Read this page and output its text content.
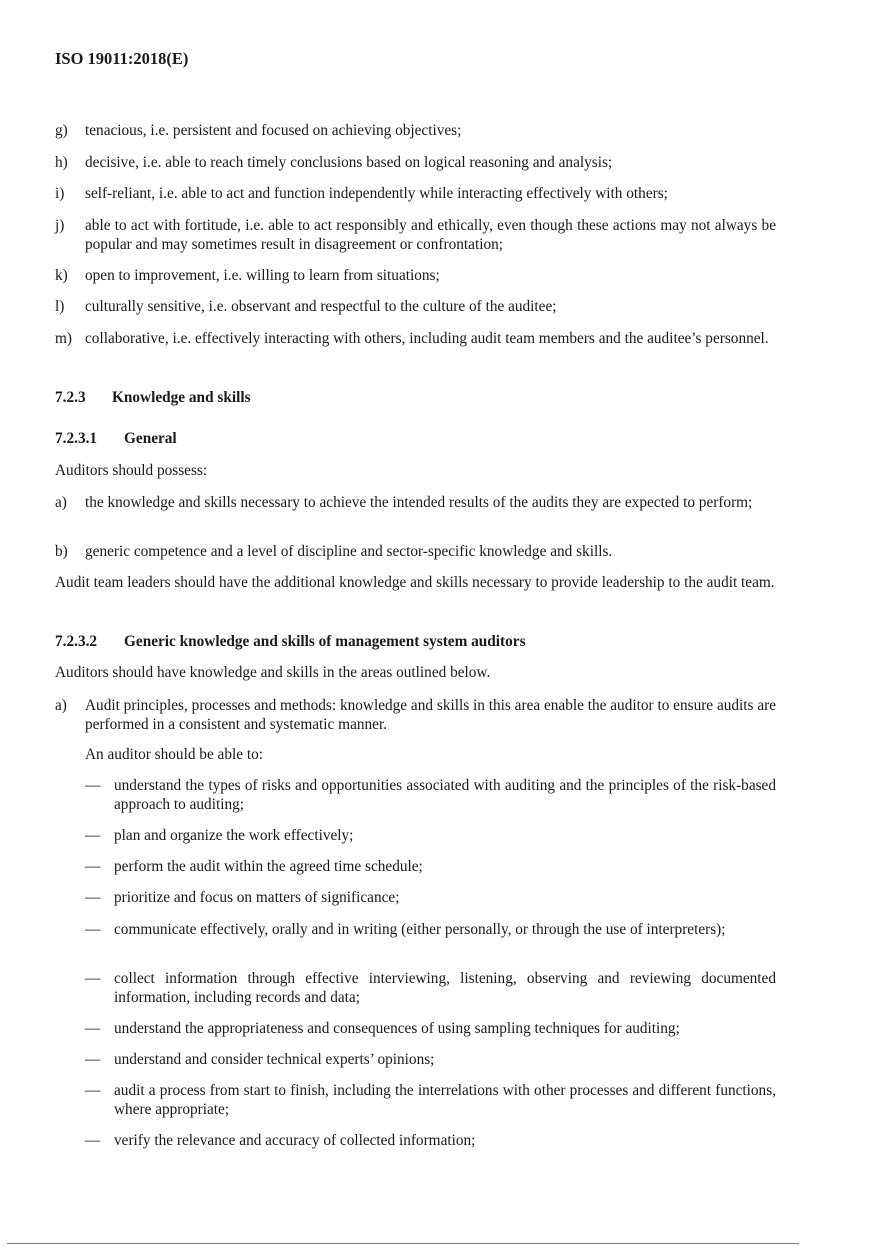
ISO 19011:2018(E)
7.2.3	Knowledge and skills
7.2.3.1	General
Auditors should possess:
Audit team leaders should have the additional knowledge and skills necessary to provide leadership to the audit team.
7.2.3.2	Generic knowledge and skills of management system auditors
Auditors should have knowledge and skills in the areas outlined below.
An auditor should be able to:
g)	tenacious, i.e. persistent and focused on achieving objectives;
h)	decisive, i.e. able to reach timely conclusions based on logical reasoning and analysis;
i)	self-reliant, i.e. able to act and function independently while interacting effectively with others;
j)	able to act with fortitude, i.e. able to act responsibly and ethically, even though these actions may not always be popular and may sometimes result in disagreement or confrontation;
k)	open to improvement, i.e. willing to learn from situations;
l)	culturally sensitive, i.e. observant and respectful to the culture of the auditee;
m) collaborative, i.e. effectively interacting with others, including audit team members and the auditee’s personnel.
a)	the knowledge and skills necessary to achieve the intended results of the audits they are expected to perform;
b)	generic competence and a level of discipline and sector-specific knowledge and skills.
a)	Audit principles, processes and methods: knowledge and skills in this area enable the auditor to ensure audits are performed in a consistent and systematic manner.
— understand the types of risks and opportunities associated with auditing and the principles of the risk-based approach to auditing;
— plan and organize the work effectively;
— perform the audit within the agreed time schedule;
— prioritize and focus on matters of significance;
— communicate effectively, orally and in writing (either personally, or through the use of interpreters);
— collect information through effective interviewing, listening, observing and reviewing documented information, including records and data;
— understand the appropriateness and consequences of using sampling techniques for auditing;
— understand and consider technical experts’ opinions;
— audit a process from start to finish, including the interrelations with other processes and different functions, where appropriate;
— verify the relevance and accuracy of collected information;
